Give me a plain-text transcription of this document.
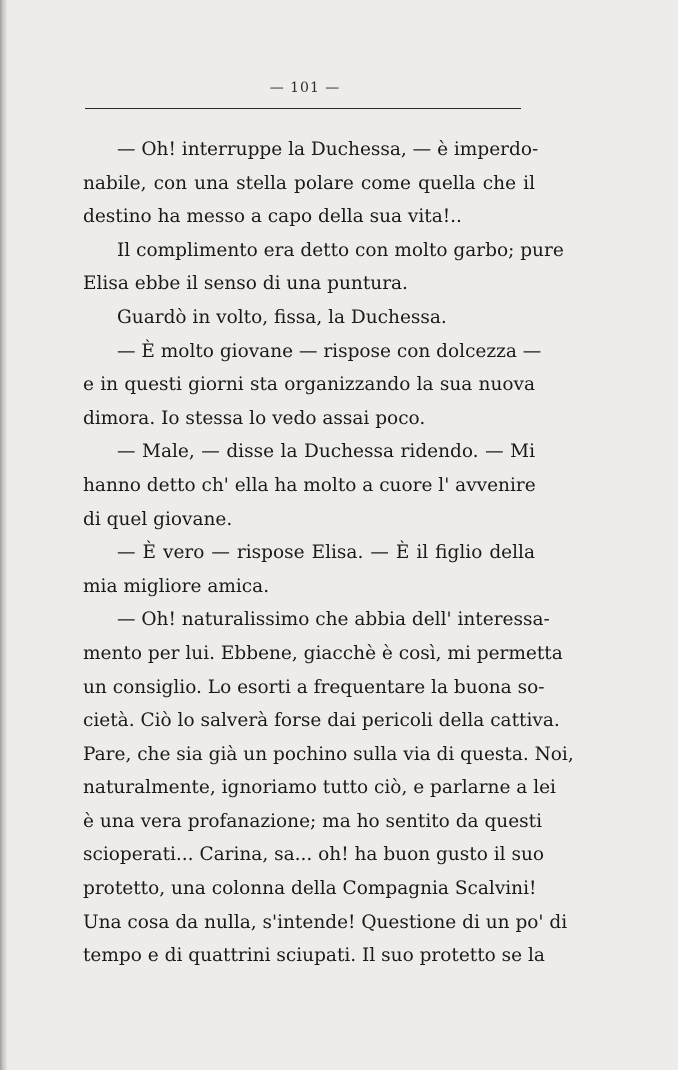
— 101 —
— Oh! interruppe la Duchessa, — è imperdo-
nabile, con una stella polare come quella che il
destino ha messo a capo della sua vita!..
Il complimento era detto con molto garbo; pure
Elisa ebbe il senso di una puntura.
Guardò in volto, fissa, la Duchessa.
— È molto giovane — rispose con dolcezza —
e in questi giorni sta organizzando la sua nuova
dimora. Io stessa lo vedo assai poco.
— Male, — disse la Duchessa ridendo. — Mi
hanno detto ch' ella ha molto a cuore l' avvenire
di quel giovane.
— È vero — rispose Elisa. — È il figlio della
mia migliore amica.
— Oh! naturalissimo che abbia dell' interessa-
mento per lui. Ebbene, giacchè è così, mi permetta
un consiglio. Lo esorti a frequentare la buona so-
cietà. Ciò lo salverà forse dai pericoli della cattiva.
Pare, che sia già un pochino sulla via di questa. Noi,
naturalmente, ignoriamo tutto ciò, e parlarne a lei
è una vera profanazione; ma ho sentito da questi
scioperati... Carina, sa... oh! ha buon gusto il suo
protetto, una colonna della Compagnia Scalvini!
Una cosa da nulla, s'intende! Questione di un po' di
tempo e di quattrini sciupati. Il suo protetto se la
